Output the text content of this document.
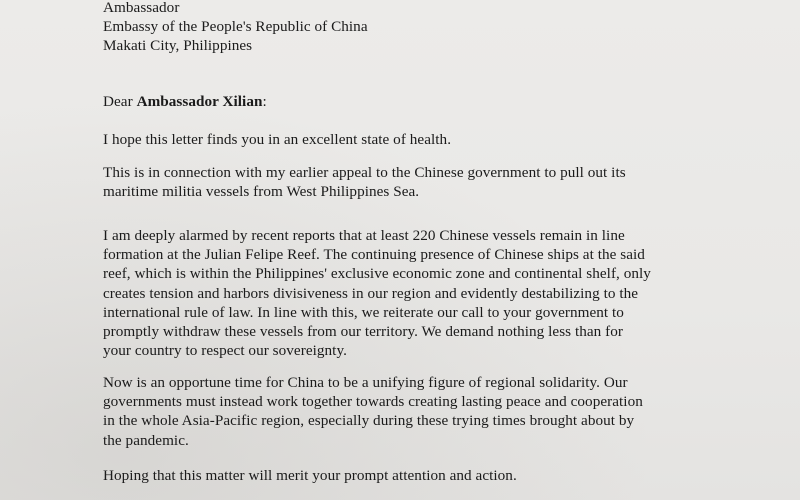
Ambassador
Embassy of the People's Republic of China
Makati City, Philippines
Dear Ambassador Xilian:
I hope this letter finds you in an excellent state of health.
This is in connection with my earlier appeal to the Chinese government to pull out its
maritime militia vessels from West Philippines Sea.
I am deeply alarmed by recent reports that at least 220 Chinese vessels remain in line
formation at the Julian Felipe Reef. The continuing presence of Chinese ships at the said
reef, which is within the Philippines' exclusive economic zone and continental shelf, only
creates tension and harbors divisiveness in our region and evidently destabilizing to the
international rule of law. In line with this, we reiterate our call to your government to
promptly withdraw these vessels from our territory. We demand nothing less than for
your country to respect our sovereignty.
Now is an opportune time for China to be a unifying figure of regional solidarity. Our
governments must instead work together towards creating lasting peace and cooperation
in the whole Asia-Pacific region, especially during these trying times brought about by
the pandemic.
Hoping that this matter will merit your prompt attention and action.
